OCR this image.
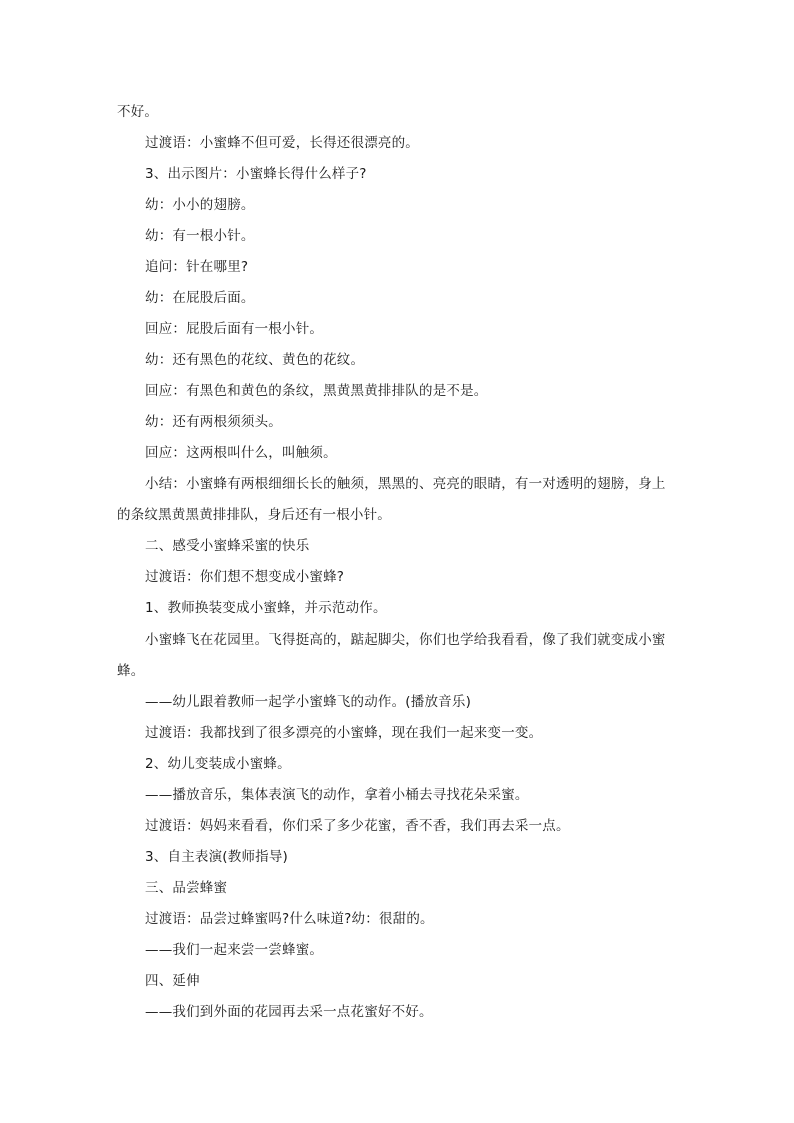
不好。
过渡语：小蜜蜂不但可爱，长得还很漂亮的。
3、出示图片：小蜜蜂长得什么样子?
幼：小小的翅膀。
幼：有一根小针。
追问：针在哪里?
幼：在屁股后面。
回应：屁股后面有一根小针。
幼：还有黑色的花纹、黄色的花纹。
回应：有黑色和黄色的条纹，黑黄黑黄排排队的是不是。
幼：还有两根须须头。
回应：这两根叫什么，叫触须。
小结：小蜜蜂有两根细细长长的触须，黑黑的、亮亮的眼睛，有一对透明的翅膀，身上
的条纹黑黄黑黄排排队，身后还有一根小针。
二、感受小蜜蜂采蜜的快乐
过渡语：你们想不想变成小蜜蜂?
1、教师换装变成小蜜蜂，并示范动作。
小蜜蜂飞在花园里。飞得挺高的，踮起脚尖，你们也学给我看看，像了我们就变成小蜜
蜂。
——幼儿跟着教师一起学小蜜蜂飞的动作。(播放音乐)
过渡语：我都找到了很多漂亮的小蜜蜂，现在我们一起来变一变。
2、幼儿变装成小蜜蜂。
——播放音乐，集体表演飞的动作，拿着小桶去寻找花朵采蜜。
过渡语：妈妈来看看，你们采了多少花蜜，香不香，我们再去采一点。
3、自主表演(教师指导)
三、品尝蜂蜜
过渡语：品尝过蜂蜜吗?什么味道?幼：很甜的。
——我们一起来尝一尝蜂蜜。
四、延伸
——我们到外面的花园再去采一点花蜜好不好。
